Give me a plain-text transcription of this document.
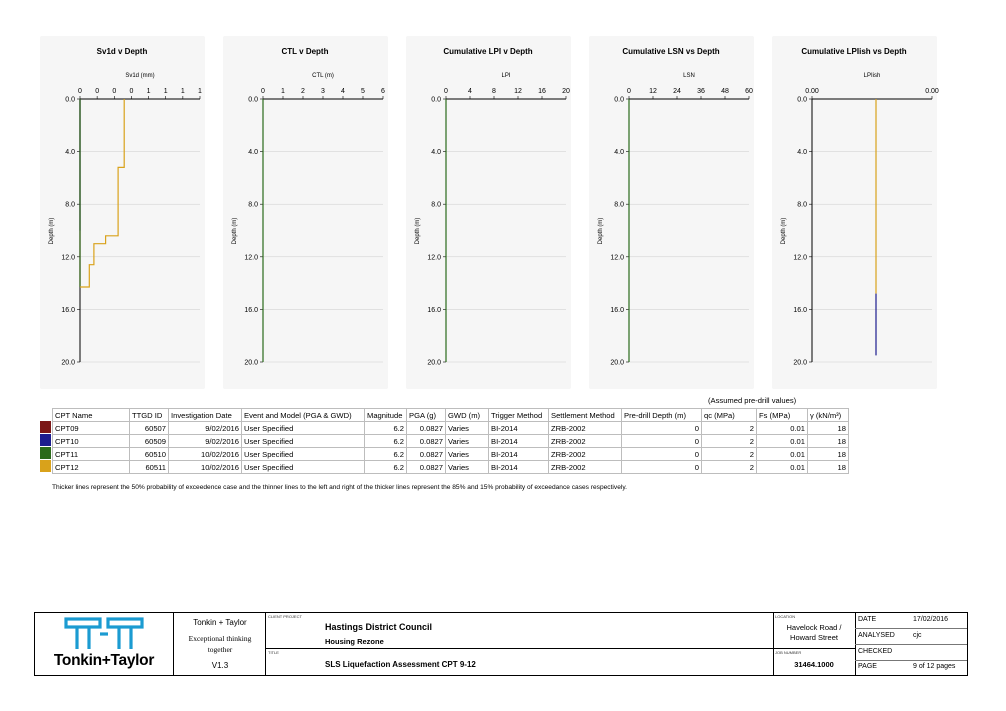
Sv1d v Depth
Sv1d (mm)
Depth (m)
0 0 0 0 1 1 1 1
0.0
4.0
8.0
12.0
16.0
20.0
CTL v Depth
CTL (m)
Depth (m)
0 1 2 3 4 5 6
0.0
4.0
8.0
12.0
16.0
20.0
Cumulative LPI v Depth
LPI
Depth (m)
0	4	8	12 16 20
0.0
4.0
8.0
12.0
16.0
20.0
Cumulative LSN vs Depth
LSN
Depth (m)
0	12 24 36 48 60
0.0
4.0
8.0
12.0
16.0
20.0
Cumulative LPIish vs Depth
LPIish
Depth (m)
0.00	0.00
0.0
4.0
8.0
12.0
16.0
20.0
(Assumed pre-drill values)
CPT Name	TTGD ID	Investigation Date	Event and Model (PGA & GWD)	Magnitude	PGA (g)	GWD (m)	Trigger Method	Settlement Method	Pre-drill Depth (m)	qc (MPa)	Fs (MPa)	γ (kN/m³)
CPT09	60507	9/02/2016	User Specified	6.2	0.0827	Varies	BI-2014	ZRB-2002	0	2	0.01	18
CPT10	60509	9/02/2016	User Specified	6.2	0.0827	Varies	BI-2014	ZRB-2002	0	2	0.01	18
CPT11	60510	10/02/2016	User Specified	6.2	0.0827	Varies	BI-2014	ZRB-2002	0	2	0.01	18
CPT12	60511	10/02/2016	User Specified	6.2	0.0827	Varies	BI-2014	ZRB-2002	0	2	0.01	18
Thicker lines represent the 50% probability of exceedence case and the thinner lines to the left and right of the thicker lines represent the 85% and 15% probability of exceedance cases respectively.
Tonkin+Taylor
Tonkin + Taylor
Exceptional thinking
together
V1.3
CLIENT PROJECT
Hastings District Council
Housing Rezone
TITLE
SLS Liquefaction Assessment CPT 9-12
LOCATION
Havelock Road /
Howard Street
JOB NUMBER
31464.1000
DATE	17/02/2016
ANALYSED	cjc
CHECKED
PAGE	9 of 12 pages
